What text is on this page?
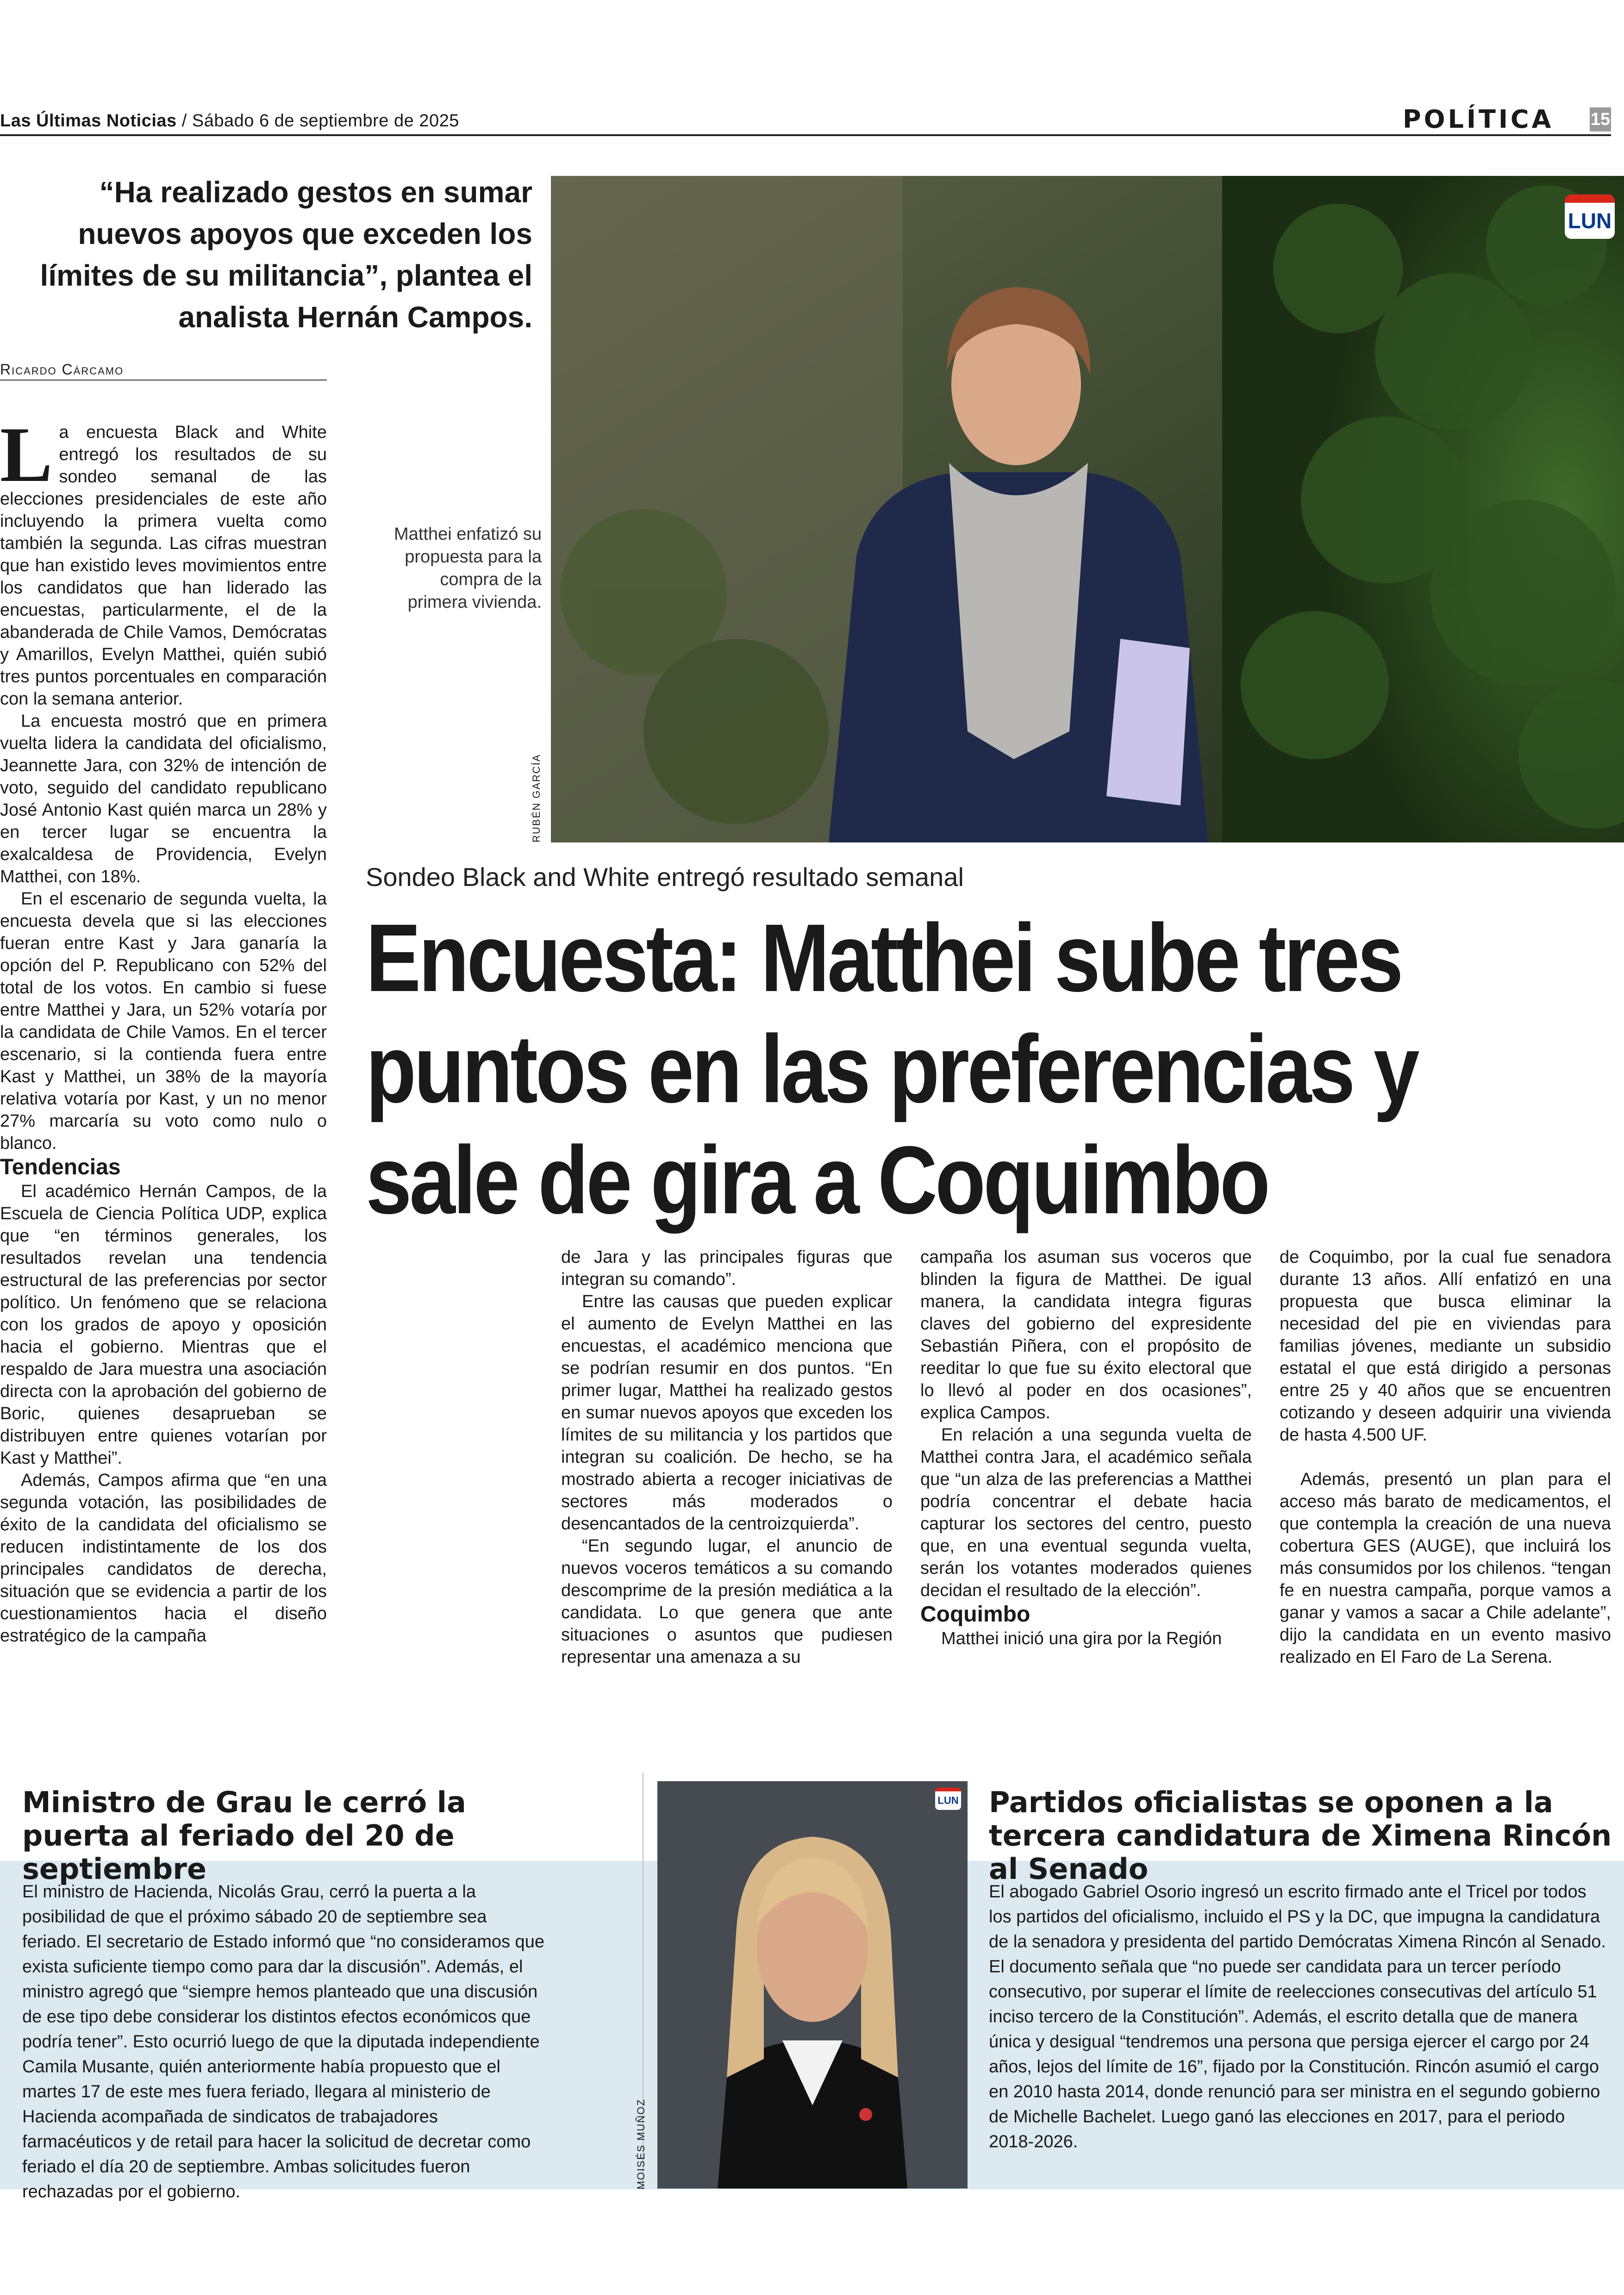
Las Últimas Noticias / Sábado 6 de septiembre de 2025	POLÍTICA 15
“Ha realizado gestos en sumar nuevos apoyos que exceden los límites de su militancia”, plantea el analista Hernán Campos.
Ricardo Cárcamo
LUN
RUBÉN GARCÍA
Matthei enfatizó su propuesta para la compra de la primera vivienda.
Sondeo Black and White entregó resultado semanal
Encuesta: Matthei sube tres puntos en las preferencias y sale de gira a Coquimbo
L a encuesta Black and White entregó los resultados de su sondeo semanal de las elecciones presidenciales de este año incluyendo la primera vuelta como también la segunda. Las cifras muestran que han existido leves movimientos entre los candidatos que han liderado las encuestas, particularmente, el de la abanderada de Chile Vamos, Demócratas y Amarillos, Evelyn Matthei, quién subió tres puntos porcentuales en comparación con la semana anterior.

La encuesta mostró que en primera vuelta lidera la candidata del oficialismo, Jeannette Jara, con 32% de intención de voto, seguido del candidato republicano José Antonio Kast quién marca un 28% y en tercer lugar se encuentra la exalcaldesa de Providencia, Evelyn Matthei, con 18%.

En el escenario de segunda vuelta, la encuesta devela que si las elecciones fueran entre Kast y Jara ganaría la opción del P. Republicano con 52% del total de los votos. En cambio si fuese entre Matthei y Jara, un 52% votaría por la candidata de Chile Vamos. En el tercer escenario, si la contienda fuera entre Kast y Matthei, un 38% de la mayoría relativa votaría por Kast, y un no menor 27% marcaría su voto como nulo o blanco.

Tendencias

El académico Hernán Campos, de la Escuela de Ciencia Política UDP, explica que “en términos generales, los resultados revelan una tendencia estructural de las preferencias por sector político. Un fenómeno que se relaciona con los grados de apoyo y oposición hacia el gobierno. Mientras que el respaldo de Jara muestra una asociación directa con la aprobación del gobierno de Boric, quienes desaprueban se distribuyen entre quienes votarían por Kast y Matthei”.

Además, Campos afirma que “en una segunda votación, las posibilidades de éxito de la candidata del oficialismo se reducen indistintamente de los dos principales candidatos de derecha, situación que se evidencia a partir de los cuestionamientos hacia el diseño estratégico de la campaña

de Jara y las principales figuras que integran su comando”.

Entre las causas que pueden explicar el aumento de Evelyn Matthei en las encuestas, el académico menciona que se podrían resumir en dos puntos. “En primer lugar, Matthei ha realizado gestos en sumar nuevos apoyos que exceden los límites de su militancia y los partidos que integran su coalición. De hecho, se ha mostrado abierta a recoger iniciativas de sectores más moderados o desencantados de la centroizquierda”.

“En segundo lugar, el anuncio de nuevos voceros temáticos a su comando descomprime de la presión mediática a la candidata. Lo que genera que ante situaciones o asuntos que pudiesen representar una amenaza a su

campaña los asuman sus voceros que blinden la figura de Matthei. De igual manera, la candidata integra figuras claves del gobierno del expresidente Sebastián Piñera, con el propósito de reeditar lo que fue su éxito electoral que lo llevó al poder en dos ocasiones”, explica Campos.

En relación a una segunda vuelta de Matthei contra Jara, el académico señala que “un alza de las preferencias a Matthei podría concentrar el debate hacia capturar los sectores del centro, puesto que, en una eventual segunda vuelta, serán los votantes moderados quienes decidan el resultado de la elección”.

Coquimbo

Matthei inició una gira por la Región

de Coquimbo, por la cual fue senadora durante 13 años. Allí enfatizó en una propuesta que busca eliminar la necesidad del pie en viviendas para familias jóvenes, mediante un subsidio estatal el que está dirigido a personas entre 25 y 40 años que se encuentren cotizando y deseen adquirir una vivienda de hasta 4.500 UF.

Además, presentó un plan para el acceso más barato de medicamentos, el que contempla la creación de una nueva cobertura GES (AUGE), que incluirá los más consumidos por los chilenos. “tengan fe en nuestra campaña, porque vamos a ganar y vamos a sacar a Chile adelante”, dijo la candidata en un evento masivo realizado en El Faro de La Serena.

Ministro de Grau le cerró la puerta al feriado del 20 de septiembre
El ministro de Hacienda, Nicolás Grau, cerró la puerta a la posibilidad de que el próximo sábado 20 de septiembre sea feriado. El secretario de Estado informó que “no consideramos que exista suficiente tiempo como para dar la discusión”. Además, el ministro agregó que “siempre hemos planteado que una discusión de ese tipo debe considerar los distintos efectos económicos que podría tener”. Esto ocurrió luego de que la diputada independiente Camila Musante, quién anteriormente había propuesto que el martes 17 de este mes fuera feriado, llegara al ministerio de Hacienda acompañada de sindicatos de trabajadores farmacéuticos y de retail para hacer la solicitud de decretar como feriado el día 20 de septiembre. Ambas solicitudes fueron rechazadas por el gobierno.
LUN
MOISÉS MUÑOZ
Partidos oficialistas se oponen a la tercera candidatura de Ximena Rincón al Senado
El abogado Gabriel Osorio ingresó un escrito firmado ante el Tricel por todos los partidos del oficialismo, incluido el PS y la DC, que impugna la candidatura de la senadora y presidenta del partido Demócratas Ximena Rincón al Senado. El documento señala que “no puede ser candidata para un tercer período consecutivo, por superar el límite de reelecciones consecutivas del artículo 51 inciso tercero de la Constitución”. Además, el escrito detalla que de manera única y desigual “tendremos una persona que persiga ejercer el cargo por 24 años, lejos del límite de 16”, fijado por la Constitución. Rincón asumió el cargo en 2010 hasta 2014, donde renunció para ser ministra en el segundo gobierno de Michelle Bachelet. Luego ganó las elecciones en 2017, para el periodo 2018-2026.
